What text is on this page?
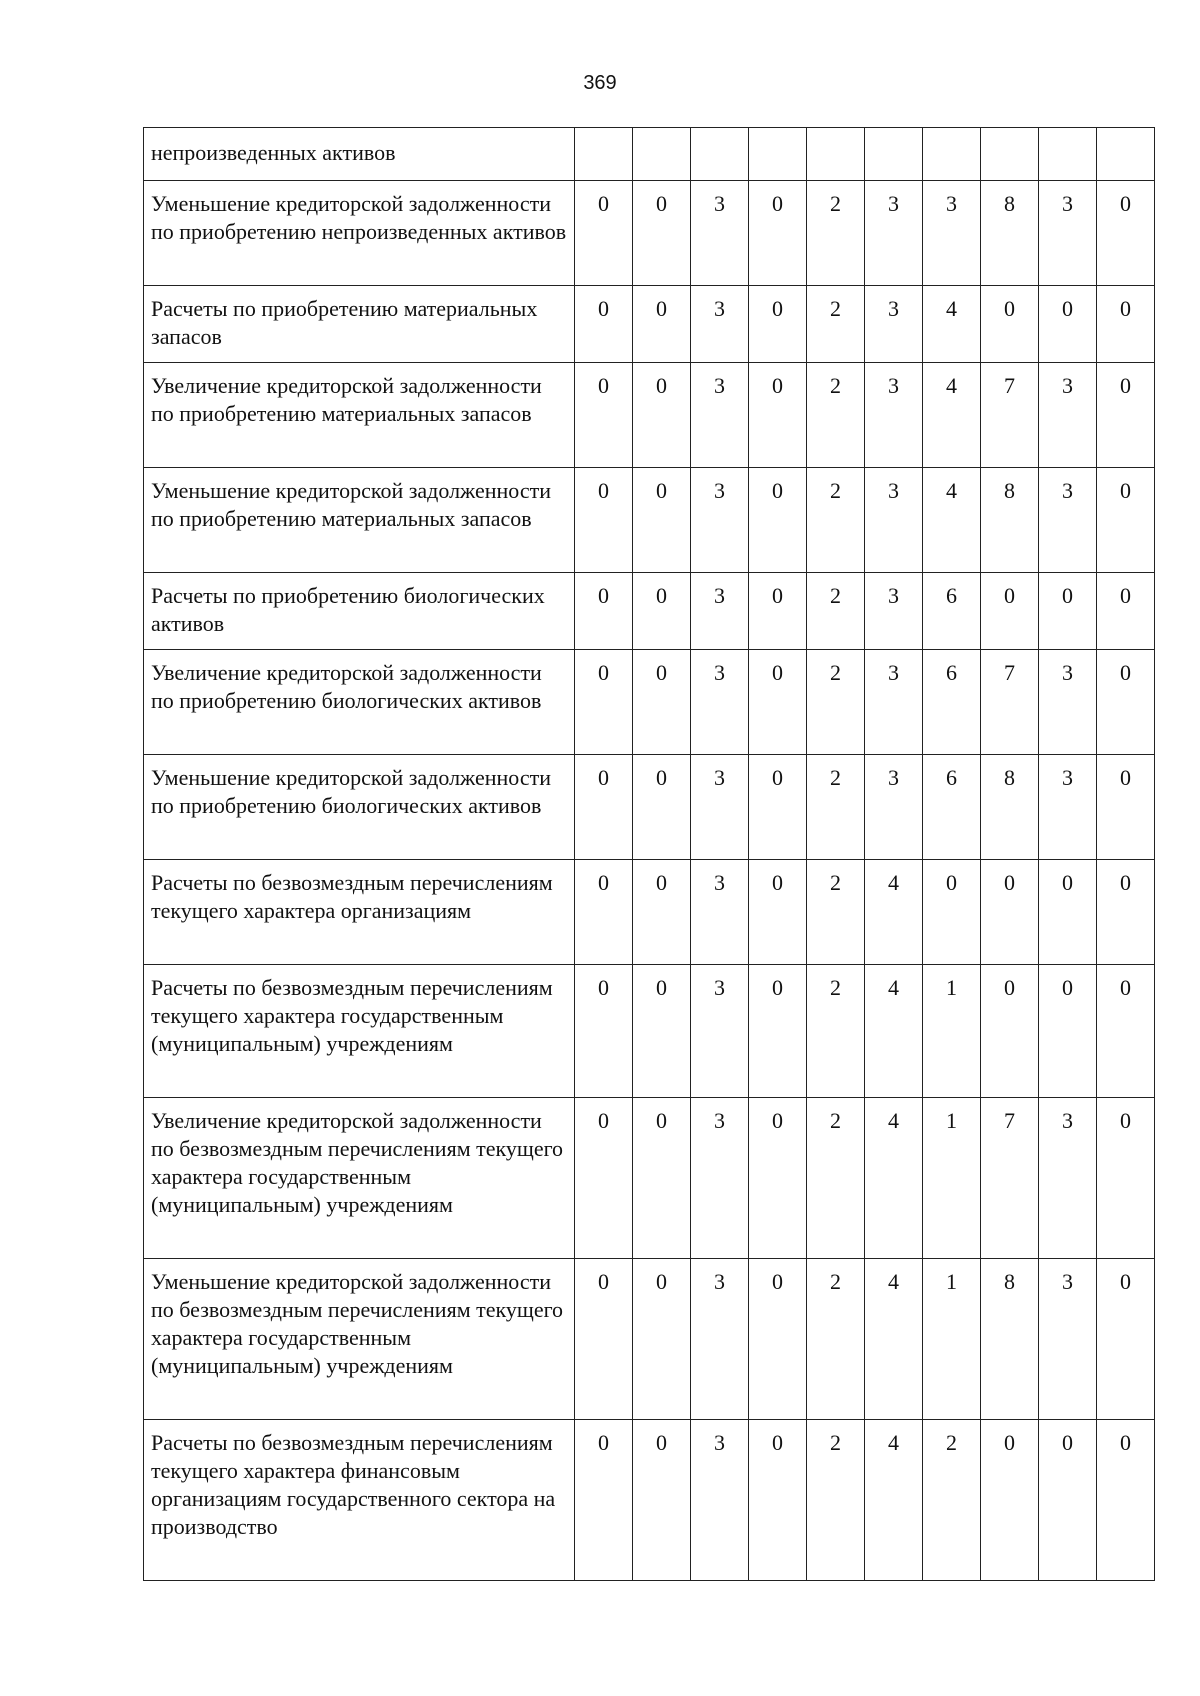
369
непроизведенных активов										
Уменьшение кредиторской задолженности по приобретению непроизведенных активов	0	0	3	0	2	3	3	8	3	0
Расчеты по приобретению материальных запасов	0	0	3	0	2	3	4	0	0	0
Увеличение кредиторской задолженности по приобретению материальных запасов	0	0	3	0	2	3	4	7	3	0
Уменьшение кредиторской задолженности по приобретению материальных запасов	0	0	3	0	2	3	4	8	3	0
Расчеты по приобретению биологических активов	0	0	3	0	2	3	6	0	0	0
Увеличение кредиторской задолженности по приобретению биологических активов	0	0	3	0	2	3	6	7	3	0
Уменьшение кредиторской задолженности по приобретению биологических активов	0	0	3	0	2	3	6	8	3	0
Расчеты по безвозмездным перечислениям текущего характера организациям	0	0	3	0	2	4	0	0	0	0
Расчеты по безвозмездным перечислениям текущего характера государственным (муниципальным) учреждениям	0	0	3	0	2	4	1	0	0	0
Увеличение кредиторской задолженности по безвозмездным перечислениям текущего характера государственным (муниципальным) учреждениям	0	0	3	0	2	4	1	7	3	0
Уменьшение кредиторской задолженности по безвозмездным перечислениям текущего характера государственным (муниципальным) учреждениям	0	0	3	0	2	4	1	8	3	0
Расчеты по безвозмездным перечислениям текущего характера финансовым организациям государственного сектора на производство	0	0	3	0	2	4	2	0	0	0
